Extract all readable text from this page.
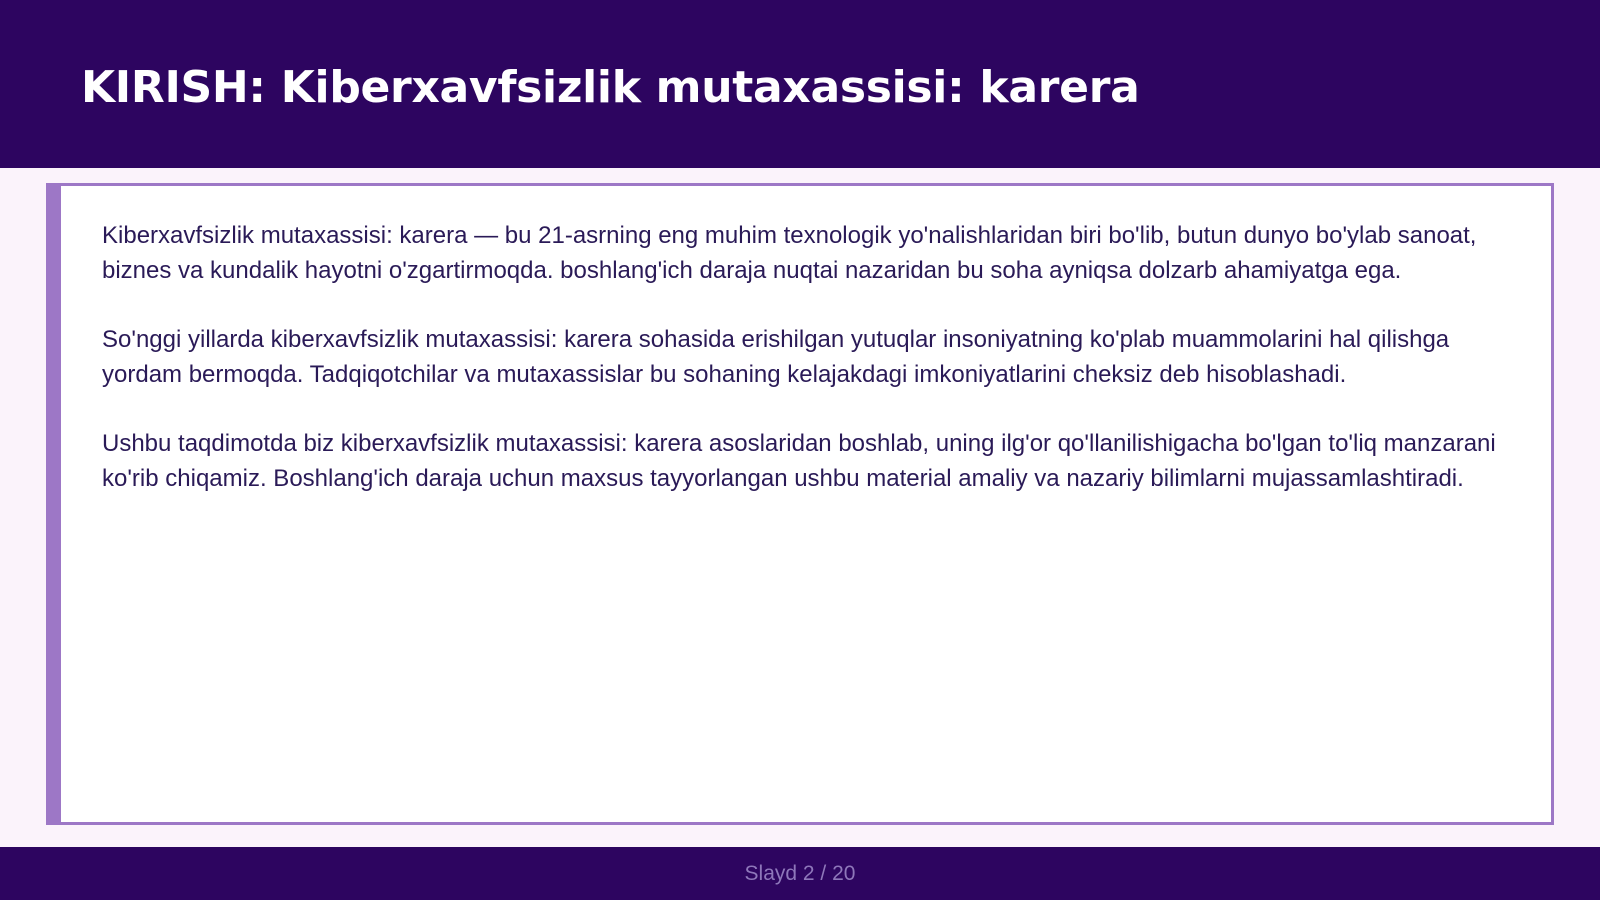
KIRISH: Kiberxavfsizlik mutaxassisi: karera

Kiberxavfsizlik mutaxassisi: karera — bu 21-asrning eng muhim texnologik yo'nalishlaridan biri bo'lib, butun dunyo bo'ylab sanoat, biznes va kundalik hayotni o'zgartirmoqda. boshlang'ich daraja nuqtai nazaridan bu soha ayniqsa dolzarb ahamiyatga ega.

So'nggi yillarda kiberxavfsizlik mutaxassisi: karera sohasida erishilgan yutuqlar insoniyatning ko'plab muammolarini hal qilishga yordam bermoqda. Tadqiqotchilar va mutaxassislar bu sohaning kelajakdagi imkoniyatlarini cheksiz deb hisoblashadi.

Ushbu taqdimotda biz kiberxavfsizlik mutaxassisi: karera asoslaridan boshlab, uning ilg'or qo'llanilishigacha bo'lgan to'liq manzarani ko'rib chiqamiz. Boshlang'ich daraja uchun maxsus tayyorlangan ushbu material amaliy va nazariy bilimlarni mujassamlashtiradi.

Slayd 2 / 20
